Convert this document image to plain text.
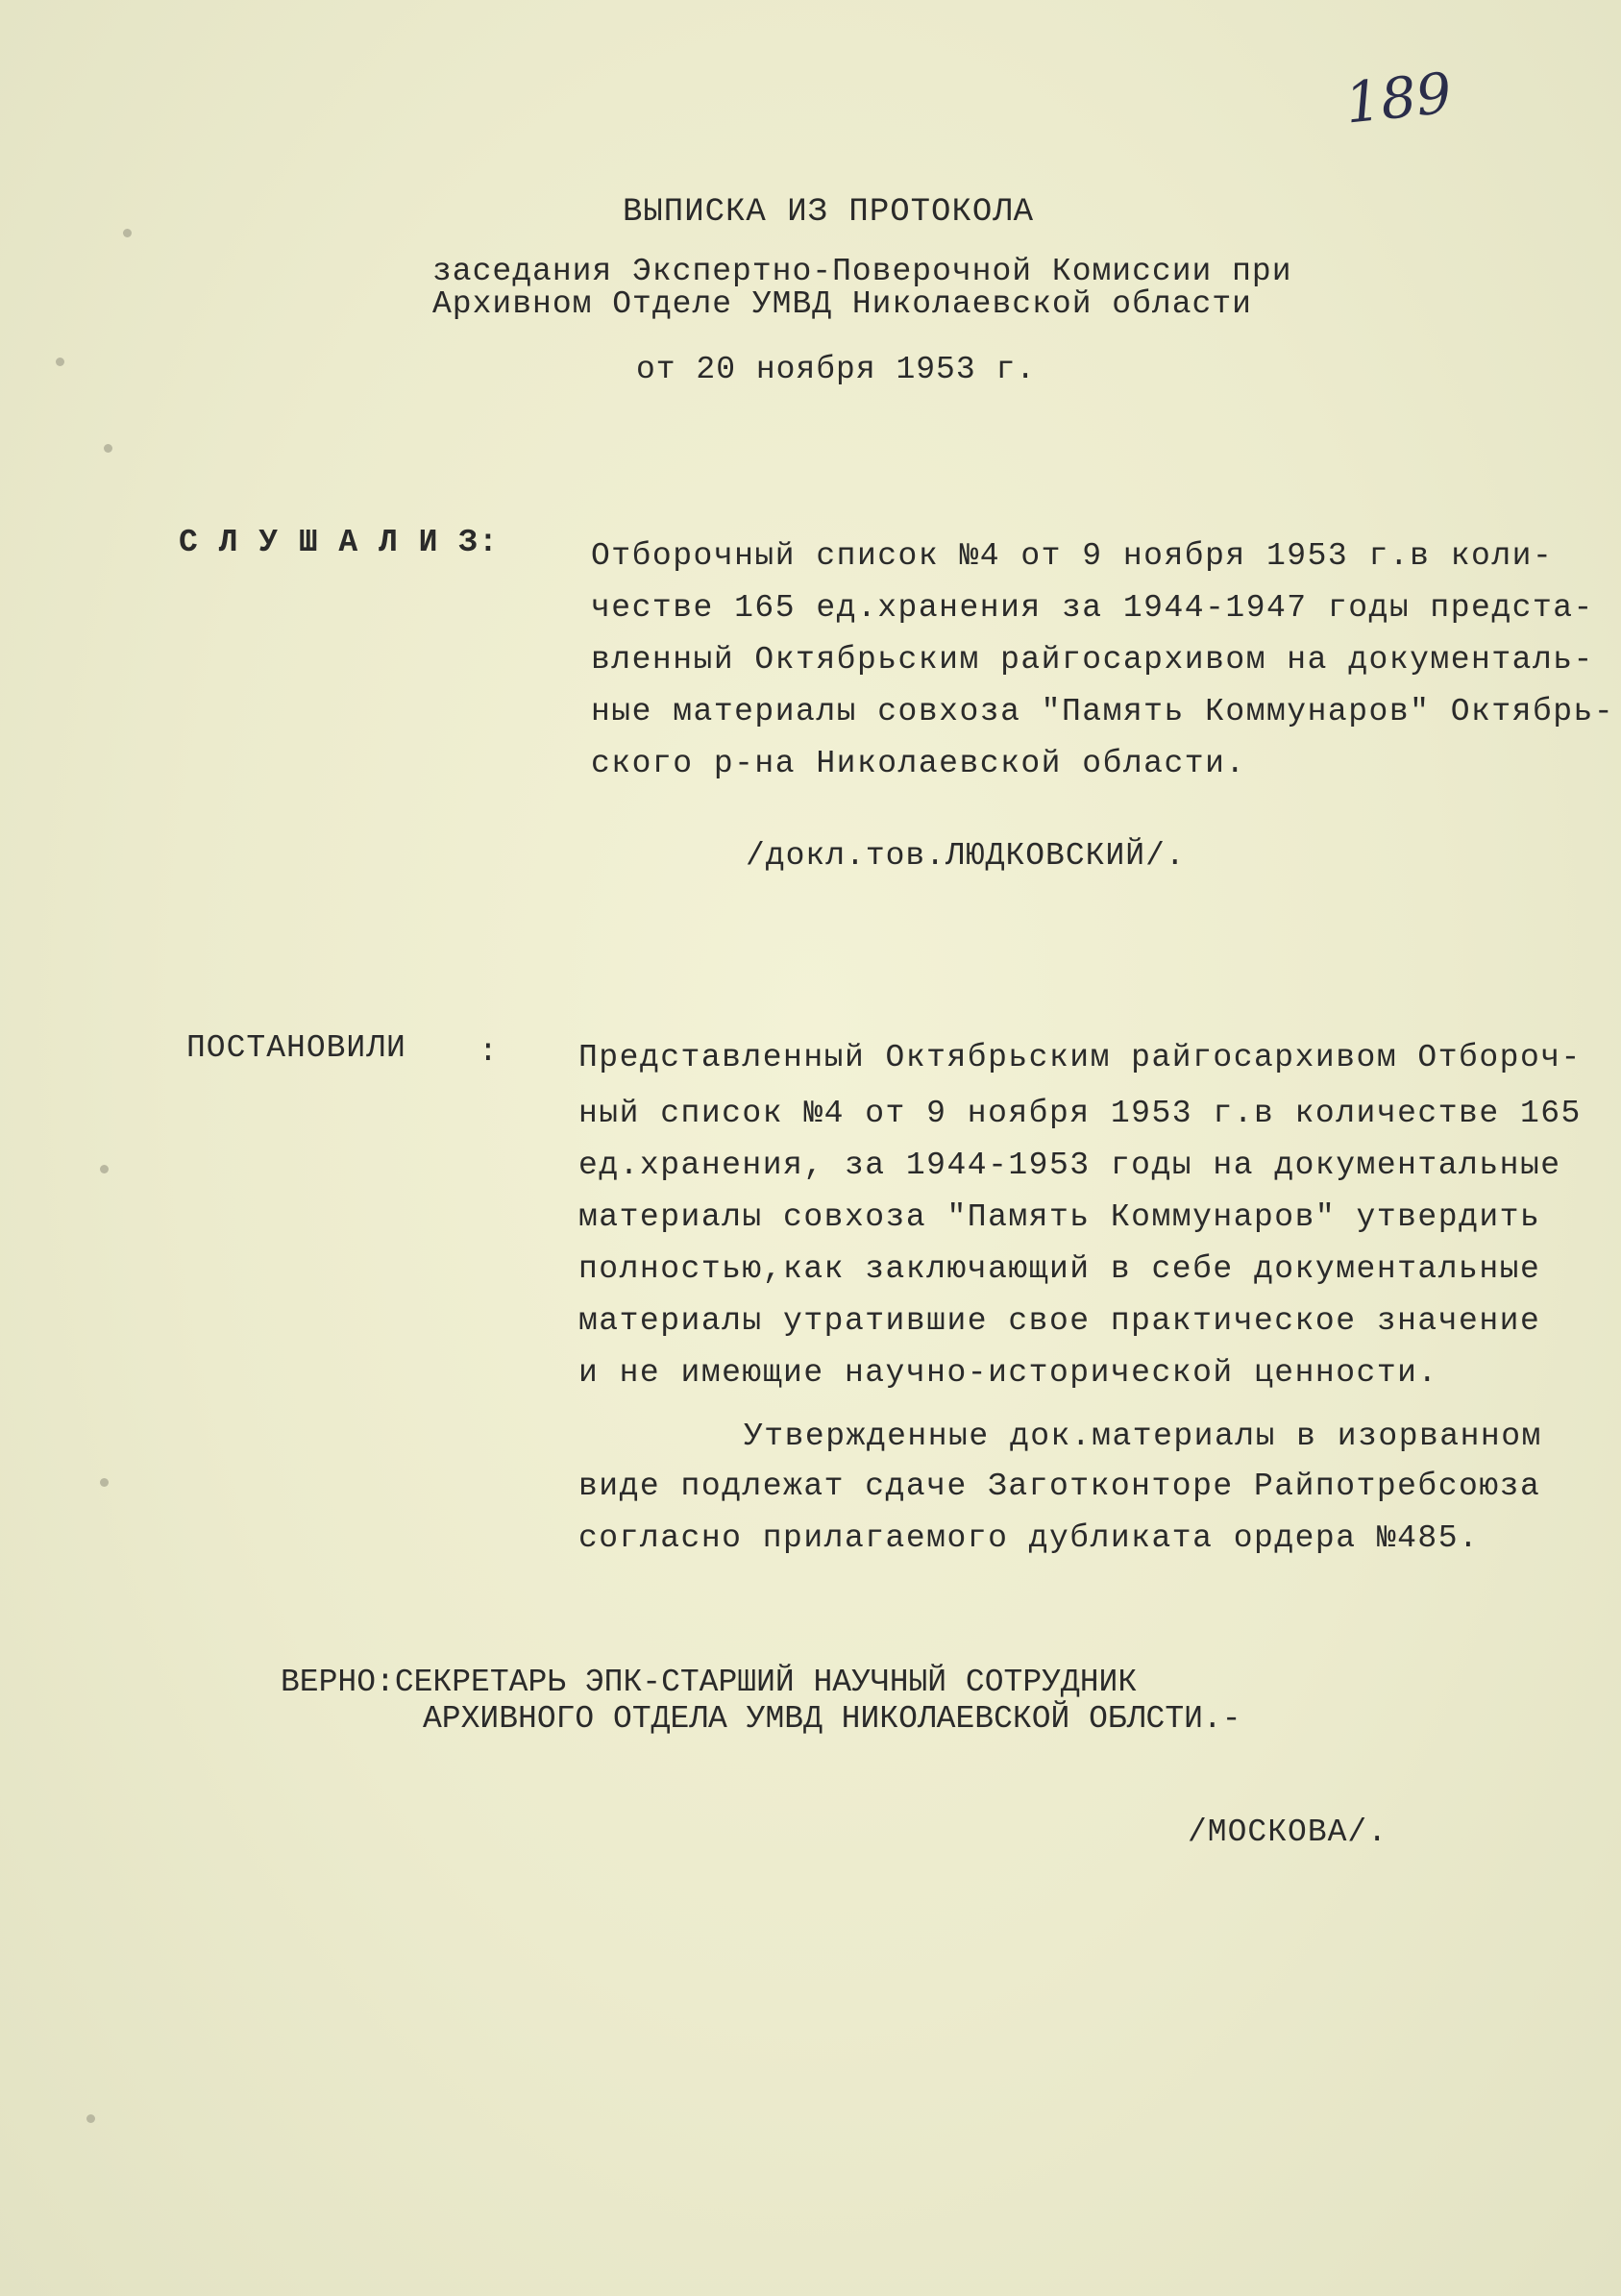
189
ВЫПИСКА ИЗ ПРОТОКОЛА
заседания Экспертно-Поверочной Комиссии при
Архивном Отделе УМВД Николаевской области
от 20 ноября 1953 г.
С Л У Ш А Л И З:	Отборочный список №4 от 9 ноября 1953 г.в коли-
честве 165 ед.хранения за 1944-1947 годы предста-
вленный Октябрьским райгосархивом на документаль-
ные материалы совхоза "Память Коммунаров" Октябрь-
ского р-на Николаевской области.
/докл.тов.ЛЮДКОВСКИЙ/.
ПОСТАНОВИЛИ :	Представленный Октябрьским райгосархивом Отбороч-
ный список №4 от 9 ноября 1953 г.в количестве 165
ед.хранения, за 1944-1953 годы на документальные
материалы совхоза "Память Коммунаров" утвердить
полностью,как заключающий в себе документальные
материалы утратившие свое практическое значение
и не имеющие научно-исторической ценности.
Утвержденные док.материалы в изорванном
виде подлежат сдаче Заготконторе Райпотребсоюза
согласно прилагаемого дубликата ордера №485.
ВЕРНО:СЕКРЕТАРЬ ЭПК-СТАРШИЙ НАУЧНЫЙ СОТРУДНИК
АРХИВНОГО ОТДЕЛА УМВД НИКОЛАЕВСКОЙ ОБЛСТИ.-
/МОСКОВА/.
